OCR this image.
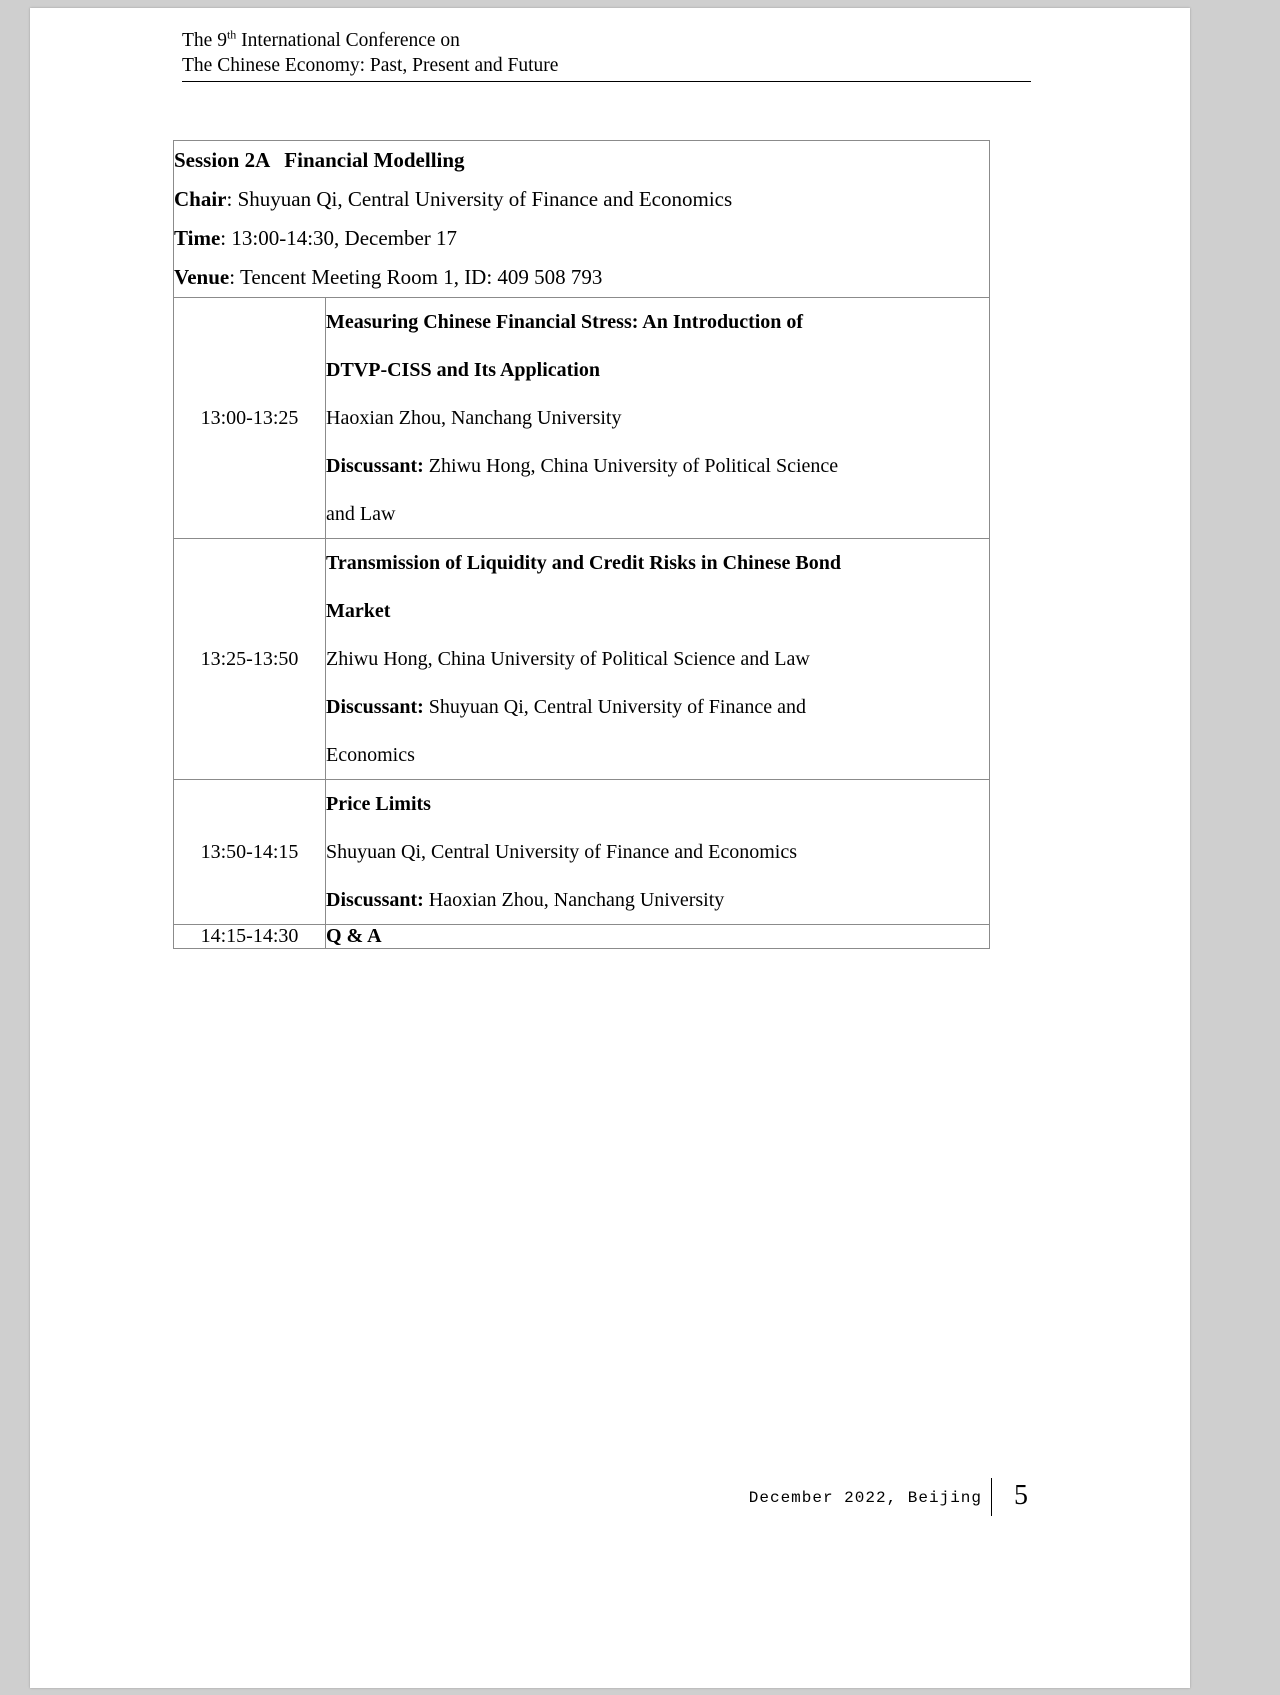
The 9th International Conference on
The Chinese Economy: Past, Present and Future
Session 2A Financial Modelling
Chair: Shuyuan Qi, Central University of Finance and Economics
Time: 13:00-14:30, December 17
Venue: Tencent Meeting Room 1, ID: 409 508 793	

13:00-13:25	Measuring Chinese Financial Stress: An Introduction of
DTVP-CISS and Its Application
Haoxian Zhou, Nanchang University
Discussant: Zhiwu Hong, China University of Political Science
and Law

13:25-13:50	Transmission of Liquidity and Credit Risks in Chinese Bond
Market
Zhiwu Hong, China University of Political Science and Law
Discussant: Shuyuan Qi, Central University of Finance and
Economics

13:50-14:15	Price Limits
Shuyuan Qi, Central University of Finance and Economics
Discussant: Haoxian Zhou, Nanchang University

14:15-14:30	Q & A
December 2022, Beijing 5
